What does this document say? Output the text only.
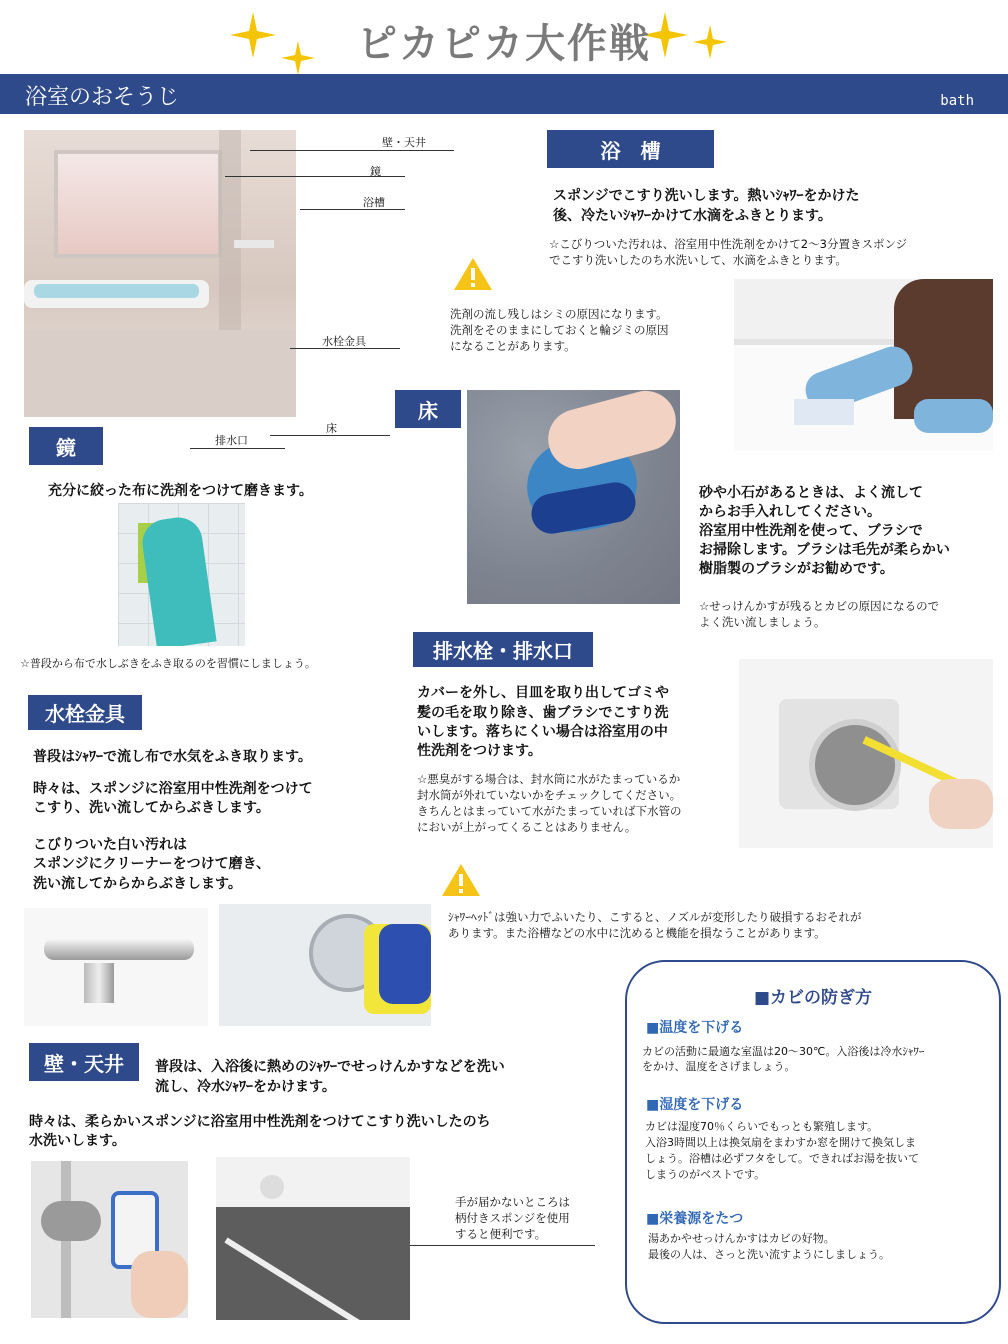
ピカピカ大作戦
浴室のおそうじ	bath
壁・天井
鏡
浴槽
水栓金具
床
排水口
浴　槽
スポンジでこすり洗いします。熱いｼｬﾜｰをかけた
後、冷たいｼｬﾜｰかけて水滴をふきとります。
☆こびりついた汚れは、浴室用中性洗剤をかけて2～3分置きスポンジ
でこすり洗いしたのち水洗いして、水滴をふきとります。
洗剤の流し残しはシミの原因になります。
洗剤をそのままにしておくと輪ジミの原因
になることがあります。
鏡
充分に絞った布に洗剤をつけて磨きます。
☆普段から布で水しぶきをふき取るのを習慣にしましょう。
床
砂や小石があるときは、よく流して
からお手入れしてください。
浴室用中性洗剤を使って、ブラシで
お掃除します。ブラシは毛先が柔らかい
樹脂製のブラシがお勧めです。
☆せっけんかすが残るとカビの原因になるので
よく洗い流しましょう。
排水栓・排水口
カバーを外し、目皿を取り出してゴミや
髪の毛を取り除き、歯ブラシでこすり洗
いします。落ちにくい場合は浴室用の中
性洗剤をつけます。
☆悪臭がする場合は、封水筒に水がたまっているか
封水筒が外れていないかをチェックしてください。
きちんとはまっていて水がたまっていれば下水管の
においが上がってくることはありません。
水栓金具
普段はｼｬﾜｰで流し布で水気をふき取ります。
時々は、スポンジに浴室用中性洗剤をつけて
こすり、洗い流してからぶきします。
こびりついた白い汚れは
スポンジにクリーナーをつけて磨き、
洗い流してからからぶきします。
ｼｬﾜｰﾍｯﾄﾞは強い力でふいたり、こすると、ノズルが変形したり破損するおそれが
あります。また浴槽などの水中に沈めると機能を損なうことがあります。
壁・天井	普段は、入浴後に熱めのｼｬﾜｰでせっけんかすなどを洗い
流し、冷水ｼｬﾜｰをかけます。
時々は、柔らかいスポンジに浴室用中性洗剤をつけてこすり洗いしたのち
水洗いします。
手が届かないところは
柄付きスポンジを使用
すると便利です。
■カビの防ぎ方
■温度を下げる
カビの活動に最適な室温は20～30℃。入浴後は冷水ｼｬﾜｰ
をかけ、温度をさげましょう。
■湿度を下げる
カビは湿度70％くらいでもっとも繁殖します。
入浴3時間以上は換気扇をまわすか窓を開けて換気しま
しょう。浴槽は必ずフタをして。できればお湯を抜いて
しまうのがベストです。
■栄養源をたつ
湯あかやせっけんかすはカビの好物。
最後の人は、さっと洗い流すようにしましょう。
